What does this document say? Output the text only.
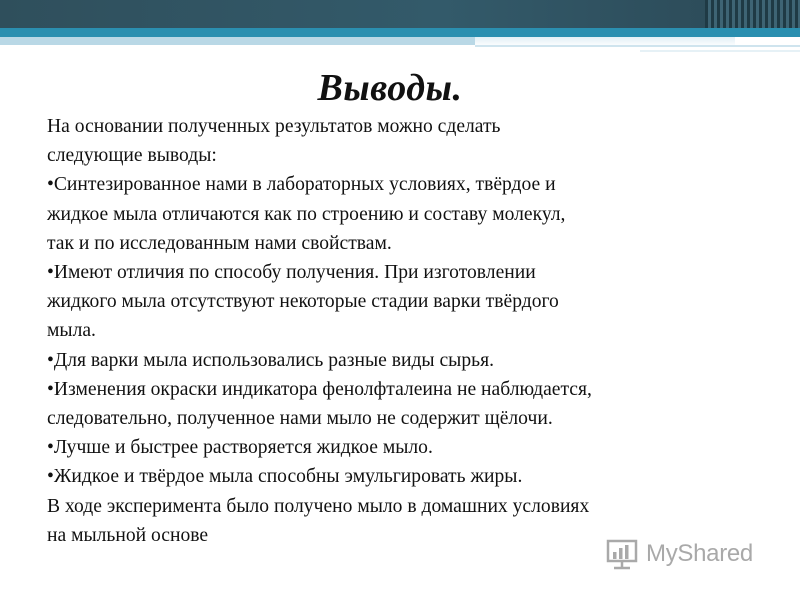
Выводы.
На основании полученных результатов можно сделать
следующие выводы:
•Синтезированное нами в лабораторных условиях, твёрдое и
жидкое мыла отличаются как по строению и составу молекул,
так и по исследованным нами свойствам.
•Имеют отличия по способу получения. При изготовлении
жидкого мыла отсутствуют некоторые стадии варки твёрдого
мыла.
•Для варки мыла использовались разные виды сырья.
•Изменения окраски индикатора фенолфталеина не наблюдается,
следовательно, полученное нами мыло не содержит щёлочи.
•Лучше и быстрее растворяется жидкое мыло.
•Жидкое и твёрдое мыла способны эмульгировать жиры.
В ходе эксперимента было получено мыло в домашних условиях
на мыльной основе
MyShared
